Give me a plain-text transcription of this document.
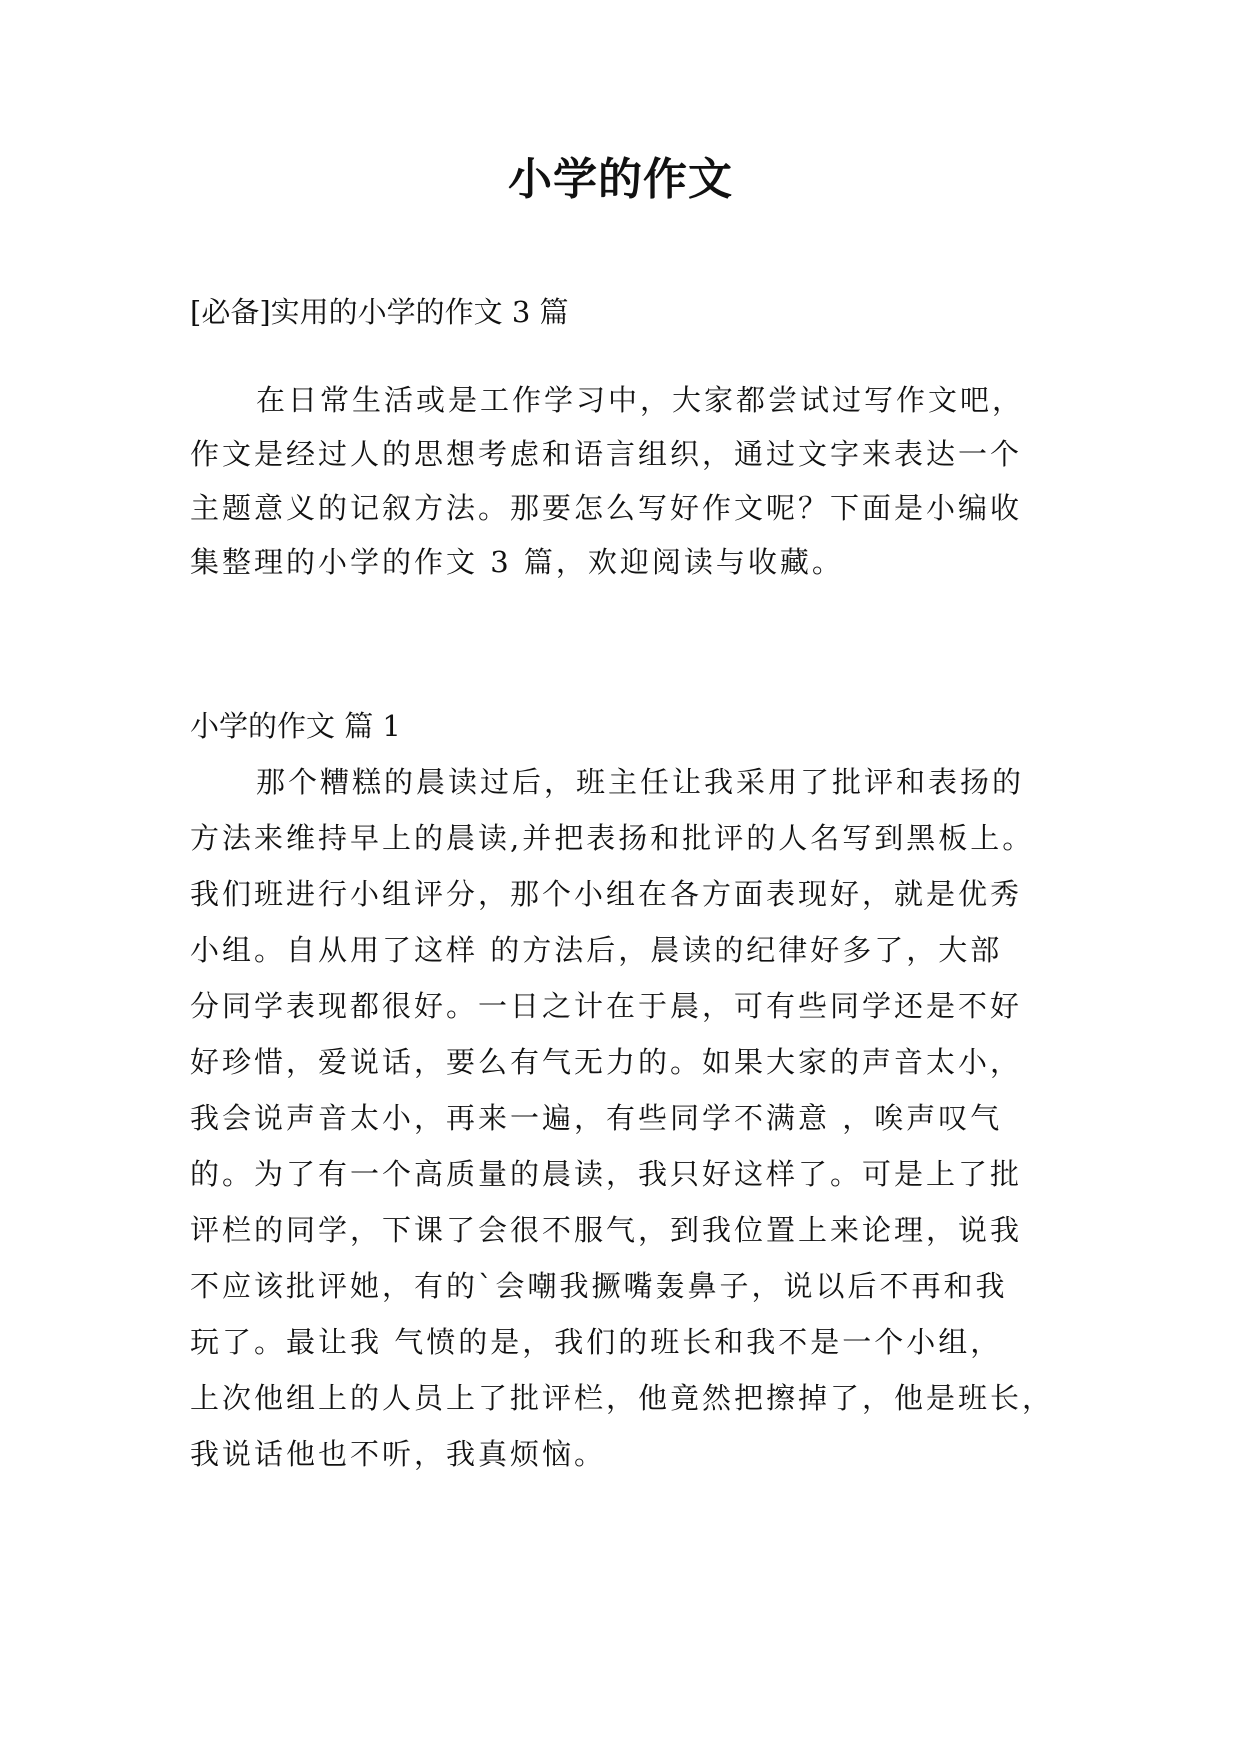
小学的作文
[必备]实用的小学的作文 3 篇
在日常生活或是工作学习中，大家都尝试过写作文吧，
作文是经过人的思想考虑和语言组织，通过文字来表达一个
主题意义的记叙方法。那要怎么写好作文呢？下面是小编收
集整理的小学的作文 3 篇，欢迎阅读与收藏。
小学的作文 篇 1
那个糟糕的晨读过后，班主任让我采用了批评和表扬的
方法来维持早上的晨读,并把表扬和批评的人名写到黑板上。
我们班进行小组评分，那个小组在各方面表现好，就是优秀
小组。自从用了这样 的方法后，晨读的纪律好多了，大部
分同学表现都很好。一日之计在于晨，可有些同学还是不好
好珍惜，爱说话，要么有气无力的。如果大家的声音太小，
我会说声音太小，再来一遍，有些同学不满意 ，唉声叹气
的。为了有一个高质量的晨读，我只好这样了。可是上了批
评栏的同学，下课了会很不服气，到我位置上来论理，说我
不应该批评她，有的`会嘲我撅嘴轰鼻子，说以后不再和我
玩了。最让我 气愤的是，我们的班长和我不是一个小组，
上次他组上的人员上了批评栏，他竟然把擦掉了，他是班长，
我说话他也不听，我真烦恼。
